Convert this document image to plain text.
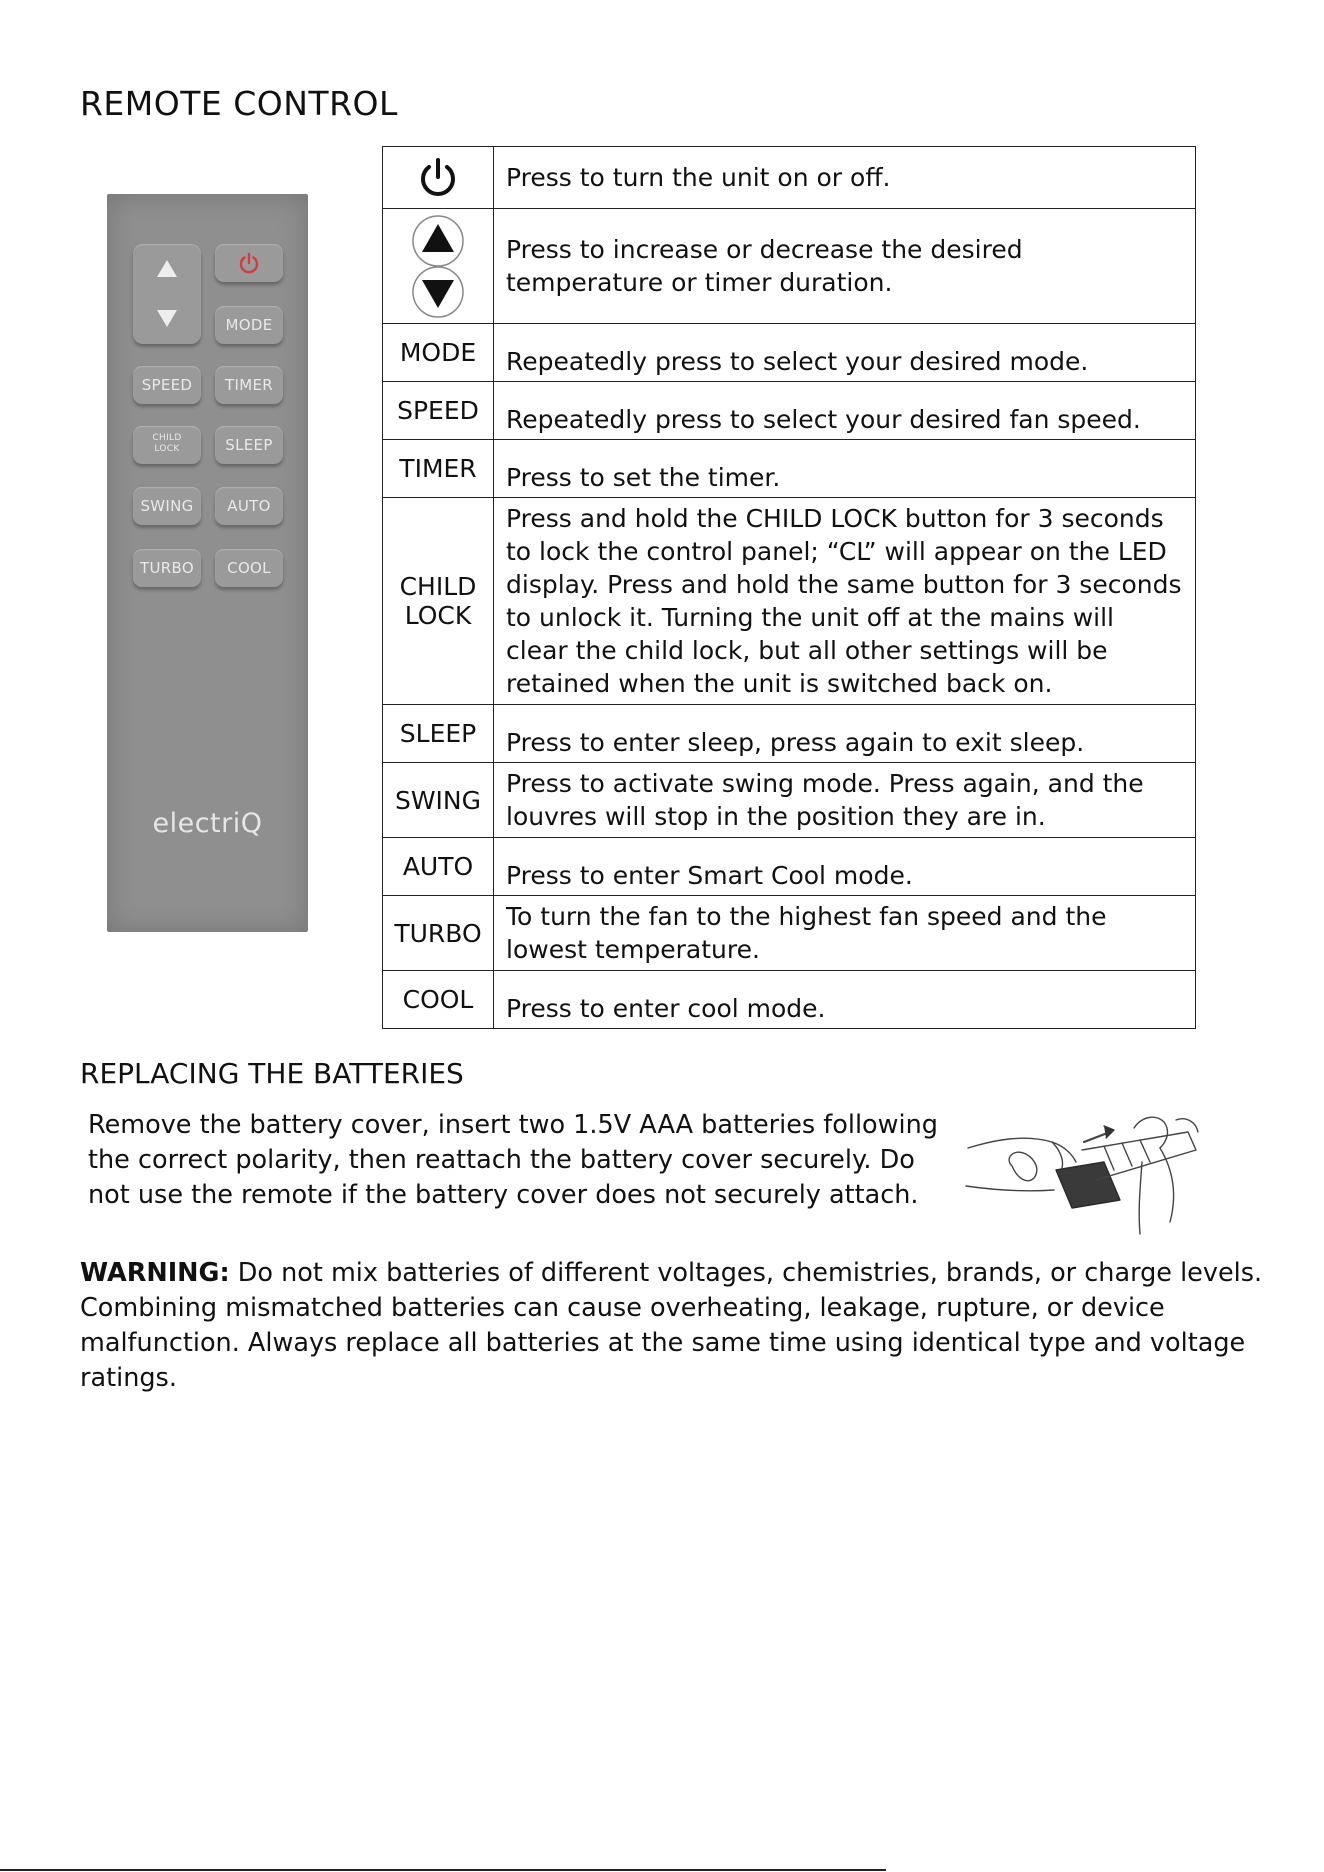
REMOTE CONTROL
MODE
SPEED	TIMER
CHILD
LOCK	SLEEP
SWING	AUTO
TURBO	COOL
electriQ
	Press to turn the unit on or off.

	Press to increase or decrease the desired temperature or timer duration.
MODE	Repeatedly press to select your desired mode.
SPEED	Repeatedly press to select your desired fan speed.
TIMER	Press to set the timer.
CHILD
LOCK	Press and hold the CHILD LOCK button for 3 seconds to lock the control panel; “CL” will appear on the LED display. Press and hold the same button for 3 seconds to unlock it. Turning the unit off at the mains will clear the child lock, but all other settings will be retained when the unit is switched back on.
SLEEP	Press to enter sleep, press again to exit sleep.
SWING	Press to activate swing mode. Press again, and the louvres will stop in the position they are in.
AUTO	Press to enter Smart Cool mode.
TURBO	To turn the fan to the highest fan speed and the lowest temperature.
COOL	Press to enter cool mode.
REPLACING THE BATTERIES

Remove the battery cover, insert two 1.5V AAA batteries following the correct polarity, then reattach the battery cover securely. Do not use the remote if the battery cover does not securely attach.

WARNING: Do not mix batteries of different voltages, chemistries, brands, or charge levels. Combining mismatched batteries can cause overheating, leakage, rupture, or device malfunction. Always replace all batteries at the same time using identical type and voltage ratings.
